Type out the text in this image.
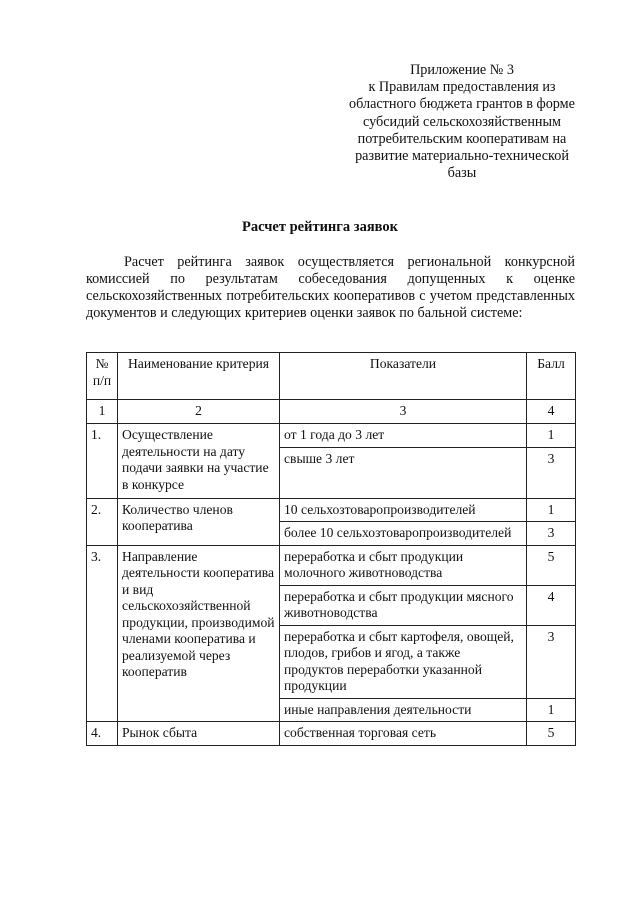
Приложение № 3
к Правилам предоставления из
областного бюджета грантов в форме
субсидий сельскохозяйственным
потребительским кооперативам на
развитие материально-технической
базы
Расчет рейтинга заявок

Расчет рейтинга заявок осуществляется региональной конкурсной комиссией по результатам собеседования допущенных к оценке сельскохозяйственных потребительских кооперативов с учетом представленных документов и следующих критериев оценки заявок по бальной системе:

№ п/п	Наименование критерия	Показатели	Балл
1	2	3	4
1.	Осуществление деятельности на дату подачи заявки на участие в конкурсе	от 1 года до 3 лет	1
		свыше 3 лет	3
2.	Количество членов кооператива	10 сельхозтоваропроизводителей	1
		более 10 сельхозтоваропроизводителей	3
3.	Направление деятельности кооператива и вид сельскохозяйственной продукции, производимой членами кооператива и реализуемой через кооператив	переработка и сбыт продукции молочного животноводства	5
		переработка и сбыт продукции мясного животноводства	4
		переработка и сбыт картофеля, овощей, плодов, грибов и ягод, а также продуктов переработки указанной продукции	3
		иные направления деятельности	1
4.	Рынок сбыта	собственная торговая сеть	5
